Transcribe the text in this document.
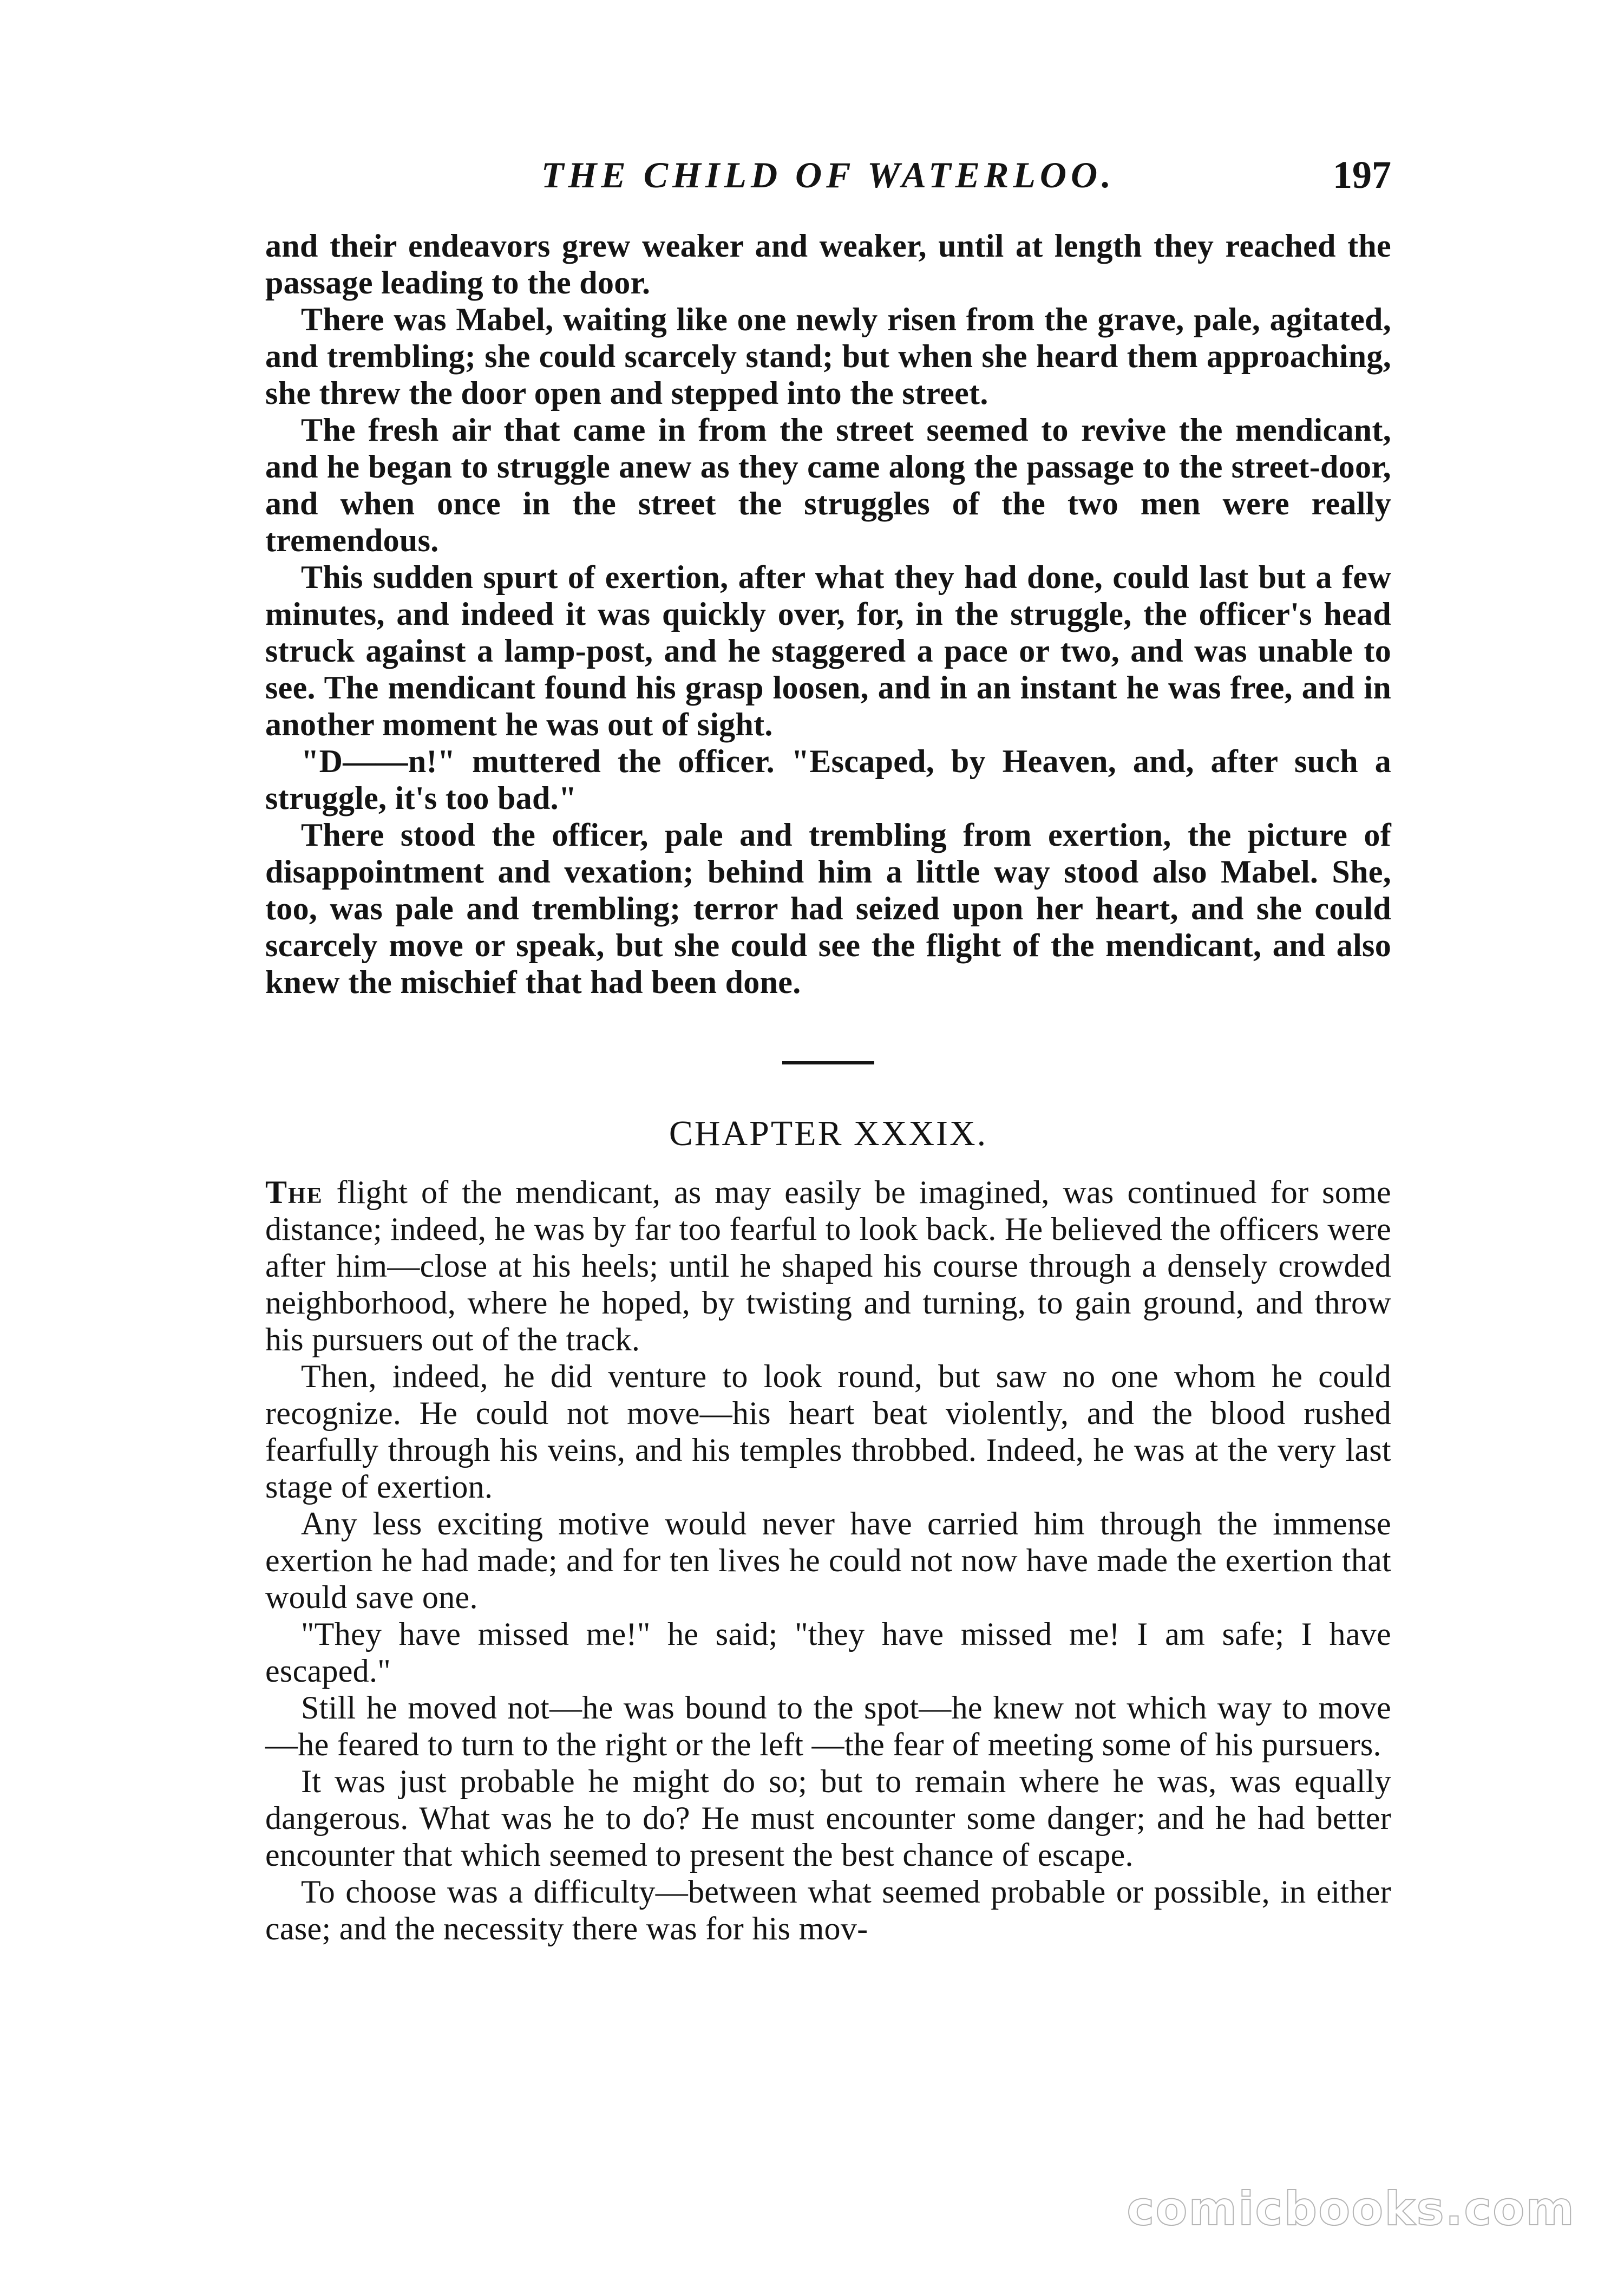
THE CHILD OF WATERLOO.	197

and their endeavors grew weaker and weaker, until at length they reached the passage leading to the door.

There was Mabel, waiting like one newly risen from the grave, pale, agitated, and trembling; she could scarcely stand; but when she heard them approaching, she threw the door open and stepped into the street.

The fresh air that came in from the street seemed to revive the mendicant, and he began to struggle anew as they came along the passage to the street-door, and when once in the street the struggles of the two men were really tremendous.

This sudden spurt of exertion, after what they had done, could last but a few minutes, and indeed it was quickly over, for, in the struggle, the officer's head struck against a lamp-post, and he staggered a pace or two, and was unable to see. The mendicant found his grasp loosen, and in an instant he was free, and in another moment he was out of sight.

"D——n!" muttered the officer. "Escaped, by Heaven, and, after such a struggle, it's too bad."

There stood the officer, pale and trembling from exertion, the picture of disappointment and vexation; behind him a little way stood also Mabel. She, too, was pale and trembling; terror had seized upon her heart, and she could scarcely move or speak, but she could see the flight of the mendicant, and also knew the mischief that had been done.

CHAPTER XXXIX.

The flight of the mendicant, as may easily be imagined, was continued for some distance; indeed, he was by far too fearful to look back. He believed the officers were after him—close at his heels; until he shaped his course through a densely crowded neighborhood, where he hoped, by twisting and turning, to gain ground, and throw his pursuers out of the track.

Then, indeed, he did venture to look round, but saw no one whom he could recognize. He could not move—his heart beat violently, and the blood rushed fearfully through his veins, and his temples throbbed. Indeed, he was at the very last stage of exertion.

Any less exciting motive would never have carried him through the immense exertion he had made; and for ten lives he could not now have made the exertion that would save one.

"They have missed me!" he said; "they have missed me! I am safe; I have escaped."

Still he moved not—he was bound to the spot—he knew not which way to move—he feared to turn to the right or the left —the fear of meeting some of his pursuers.

It was just probable he might do so; but to remain where he was, was equally dangerous. What was he to do? He must encounter some danger; and he had better encounter that which seemed to present the best chance of escape.

To choose was a difficulty—between what seemed probable or possible, in either case; and the necessity there was for his mov-

comicbooks.com
